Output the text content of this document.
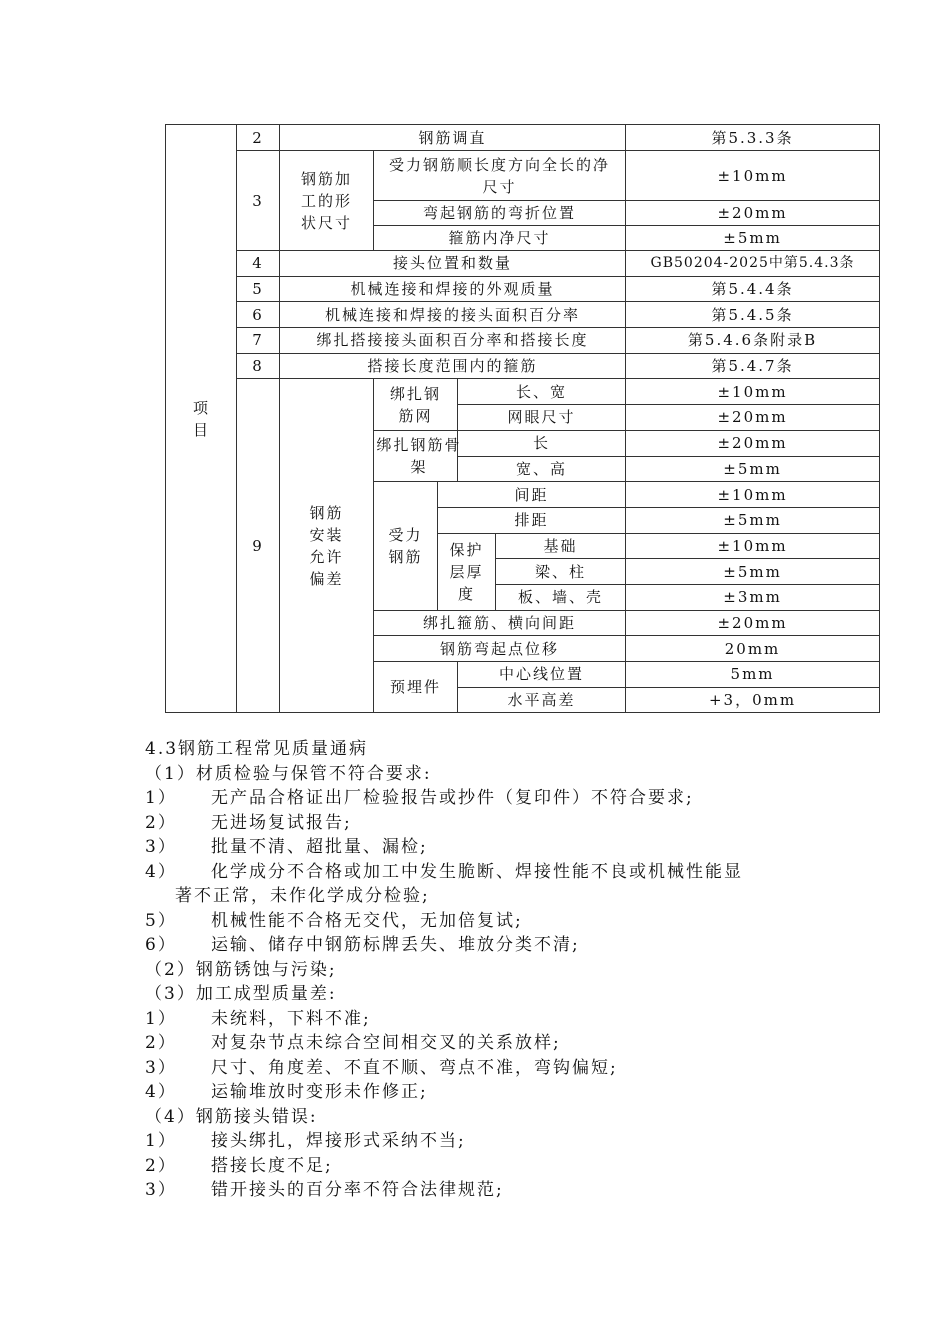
项目	2	钢筋调直					第5.3.3条
	3	钢筋加工的形状尺寸	受力钢筋顺长度方向全长的净尺寸				±10mm
			弯起钢筋的弯折位置				±20mm
			箍筋内净尺寸				±5mm
	4	接头位置和数量					GB50204-2025中第5.4.3条
	5	机械连接和焊接的外观质量					第5.4.4条
	6	机械连接和焊接的接头面积百分率					第5.4.5条
	7	绑扎搭接接头面积百分率和搭接长度					第5.4.6条附录B
	8	搭接长度范围内的箍筋					第5.4.7条
	9	钢筋安装允许偏差	绑扎钢筋网		长、宽		±10mm
					网眼尺寸		±20mm
			绑扎钢筋骨　架		长		±20mm
					宽、高		±5mm
			受力钢筋	间距			±10mm
				排距			±5mm
				保护层厚度		基础	±10mm
						梁、柱	±5mm
						板、墙、壳	±3mm
			绑扎箍筋、横向间距				±20mm
			钢筋弯起点位移				20mm
			预埋件		中心线位置		5mm
					水平高差		+3，0mm
4.3钢筋工程常见质量通病
（1）材质检验与保管不符合要求:
1） 无产品合格证出厂检验报告或抄件（复印件）不符合要求;
2） 无进场复试报告;
3） 批量不清、超批量、漏检;
4） 化学成分不合格或加工中发生脆断、焊接性能不良或机械性能显
著不正常，未作化学成分检验;
5） 机械性能不合格无交代，无加倍复试;
6） 运输、储存中钢筋标牌丢失、堆放分类不清;
（2）钢筋锈蚀与污染;
（3）加工成型质量差:
1） 未统料，下料不准;
2） 对复杂节点未综合空间相交叉的关系放样;
3） 尺寸、角度差、不直不顺、弯点不准，弯钩偏短;
4） 运输堆放时变形未作修正;
（4）钢筋接头错误:
1） 接头绑扎，焊接形式采纳不当;
2） 搭接长度不足;
3） 错开接头的百分率不符合法律规范;
